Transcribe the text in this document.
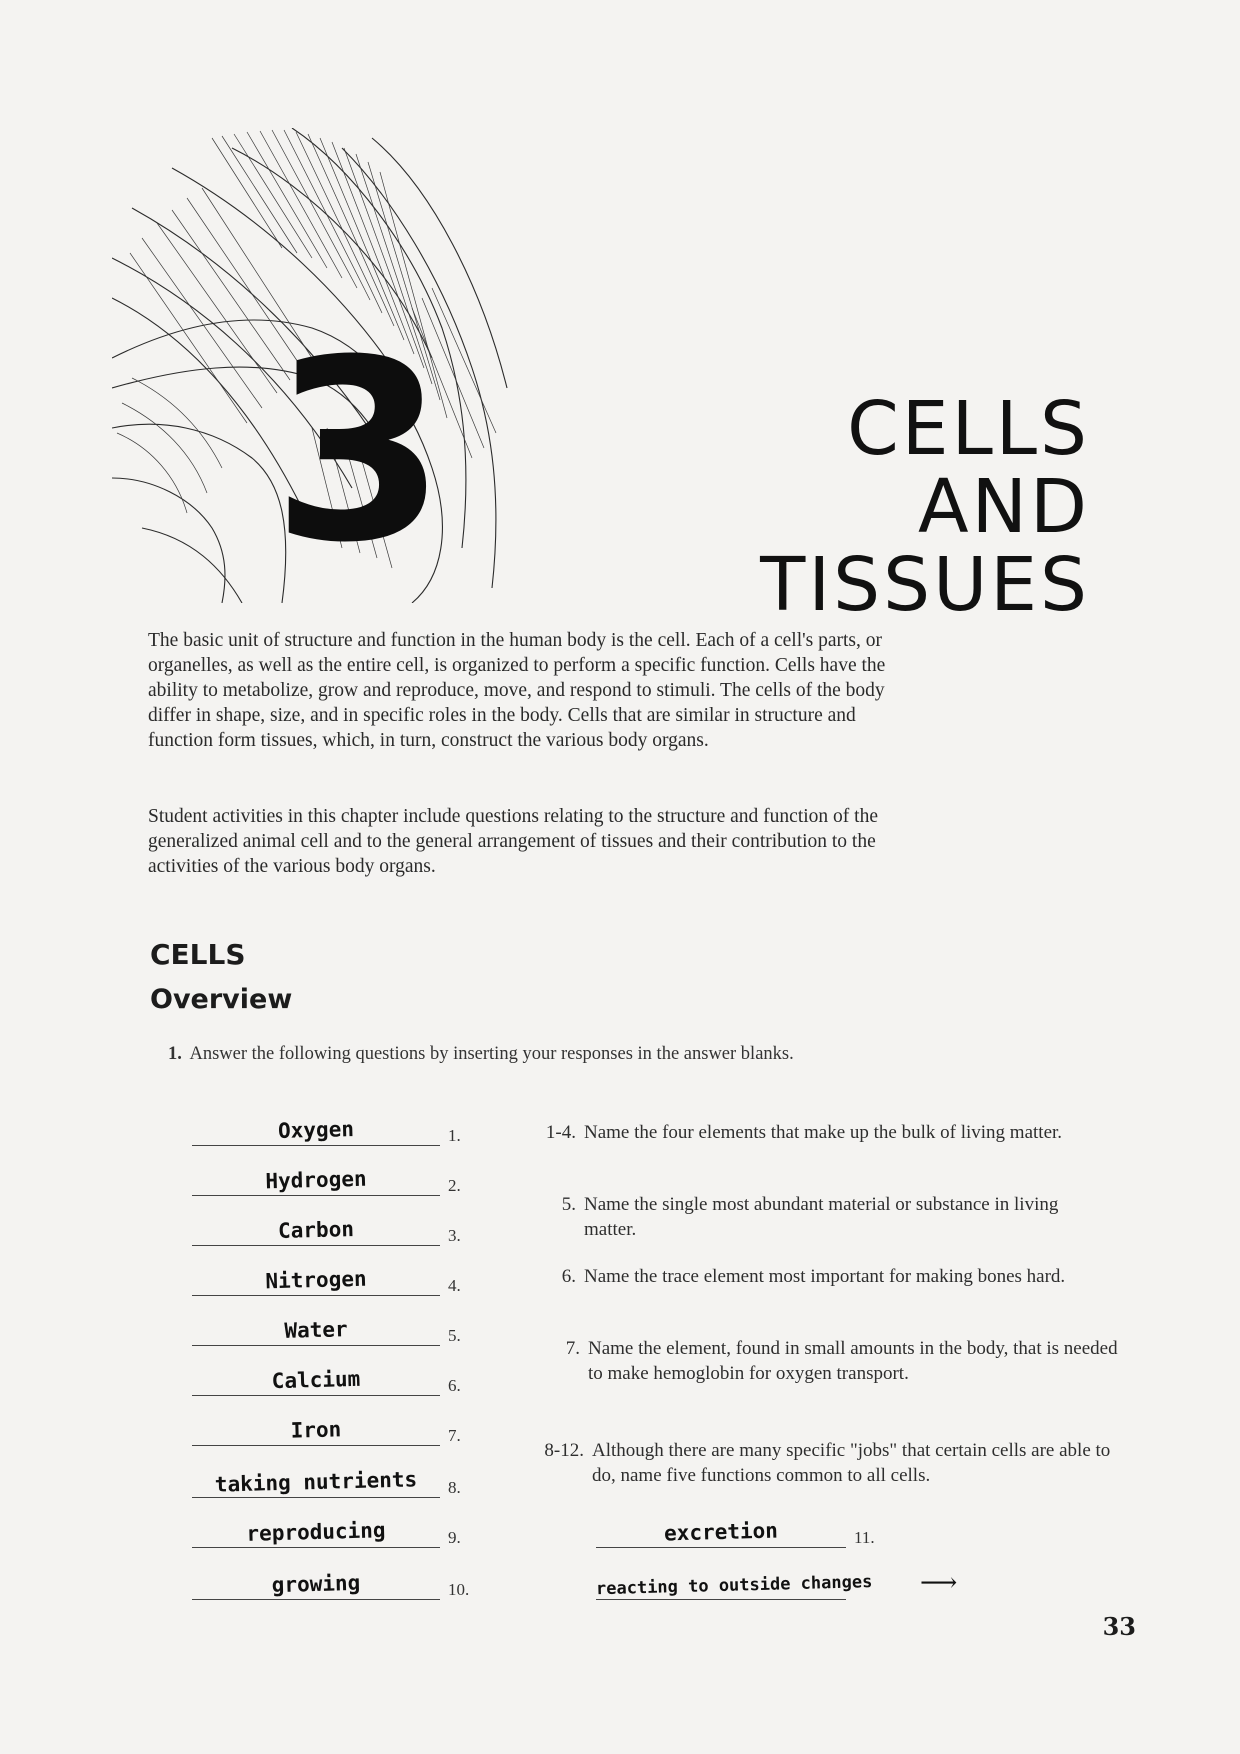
3	CELLS
AND
TISSUES

The basic unit of structure and function in the human body is the cell. Each of a cell's parts, or organelles, as well as the entire cell, is organized to perform a specific function. Cells have the ability to metabolize, grow and reproduce, move, and respond to stimuli. The cells of the body differ in shape, size, and in specific roles in the body. Cells that are similar in structure and function form tissues, which, in turn, construct the various body organs.

Student activities in this chapter include questions relating to the structure and function of the generalized animal cell and to the general arrangement of tissues and their contribution to the activities of the various body organs.

CELLS
Overview
1. Answer the following questions by inserting your responses in the answer blanks.
Oxygen	1.
Hydrogen	2.
Carbon	3.
Nitrogen	4.
Water	5.
Calcium	6.
Iron	7.
taking nutrients	8.
reproducing	9.
growing	10.
1-4. Name the four elements that make up the bulk of living matter.
5. Name the single most abundant material or substance in living matter.
6. Name the trace element most important for making bones hard.
7. Name the element, found in small amounts in the body, that is needed to make hemoglobin for oxygen transport.
8-12. Although there are many specific "jobs" that certain cells are able to do, name five functions common to all cells.
excretion	11.
reacting to outside changes ⟶
33
